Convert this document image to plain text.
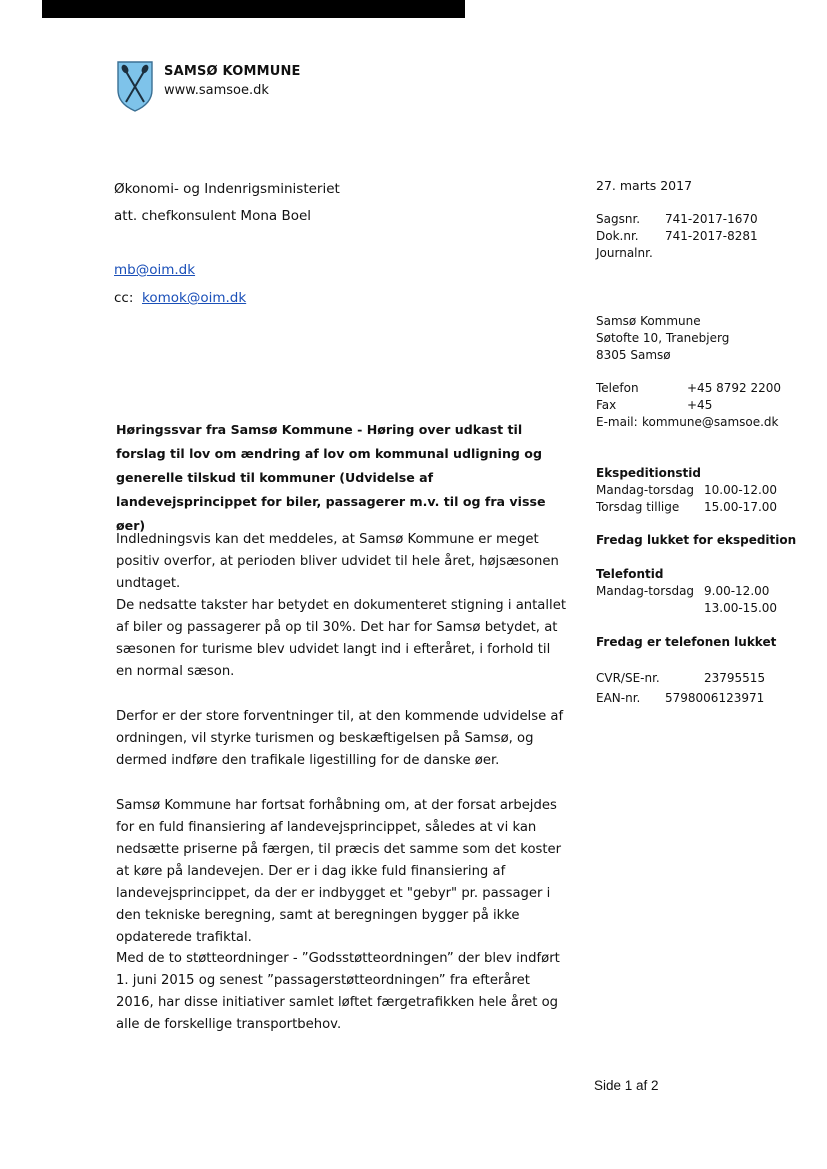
SAMSØ KOMMUNE
www.samsoe.dk
Økonomi- og Indenrigsministeriet
att. chefkonsulent Mona Boel
mb@oim.dk
cc: komok@oim.dk
27. marts 2017
Sagsnr. 741-2017-1670
Dok.nr. 741-2017-8281
Journalnr.
Samsø Kommune
Søtofte 10, Tranebjerg
8305 Samsø
Telefon	+45 8792 2200
Fax	+45
E-mail: kommune@samsoe.dk
Ekspeditionstid
Mandag-torsdag 10.00-12.00
Torsdag tillige 15.00-17.00
Fredag lukket for ekspedition
Telefontid
Mandag-torsdag 9.00-12.00
13.00-15.00
Fredag er telefonen lukket
CVR/SE-nr.	23795515
EAN-nr. 5798006123971
Høringssvar fra Samsø Kommune - Høring over udkast til forslag til lov om ændring af lov om kommunal udligning og generelle tilskud til kommuner (Udvidelse af landevejsprincippet for biler, passagerer m.v. til og fra visse øer)
Indledningsvis kan det meddeles, at Samsø Kommune er meget positiv overfor, at perioden bliver udvidet til hele året, højsæsonen undtaget.
De nedsatte takster har betydet en dokumenteret stigning i antallet af biler og passagerer på op til 30%. Det har for Samsø betydet, at sæsonen for turisme blev udvidet langt ind i efteråret, i forhold til en normal sæson.
Derfor er der store forventninger til, at den kommende udvidelse af ordningen, vil styrke turismen og beskæftigelsen på Samsø, og dermed indføre den trafikale ligestilling for de danske øer.
Samsø Kommune har fortsat forhåbning om, at der forsat arbejdes for en fuld finansiering af landevejsprincippet, således at vi kan nedsætte priserne på færgen, til præcis det samme som det koster at køre på landevejen. Der er i dag ikke fuld finansiering af landevejsprincippet, da der er indbygget et "gebyr" pr. passager i den tekniske beregning, samt at beregningen bygger på ikke opdaterede trafiktal.
Med de to støtteordninger - ”Godsstøtteordningen” der blev indført 1. juni 2015 og senest ”passagerstøtteordningen” fra efteråret 2016, har disse initiativer samlet løftet færgetrafikken hele året og alle de forskellige transportbehov.
Side 1 af 2
